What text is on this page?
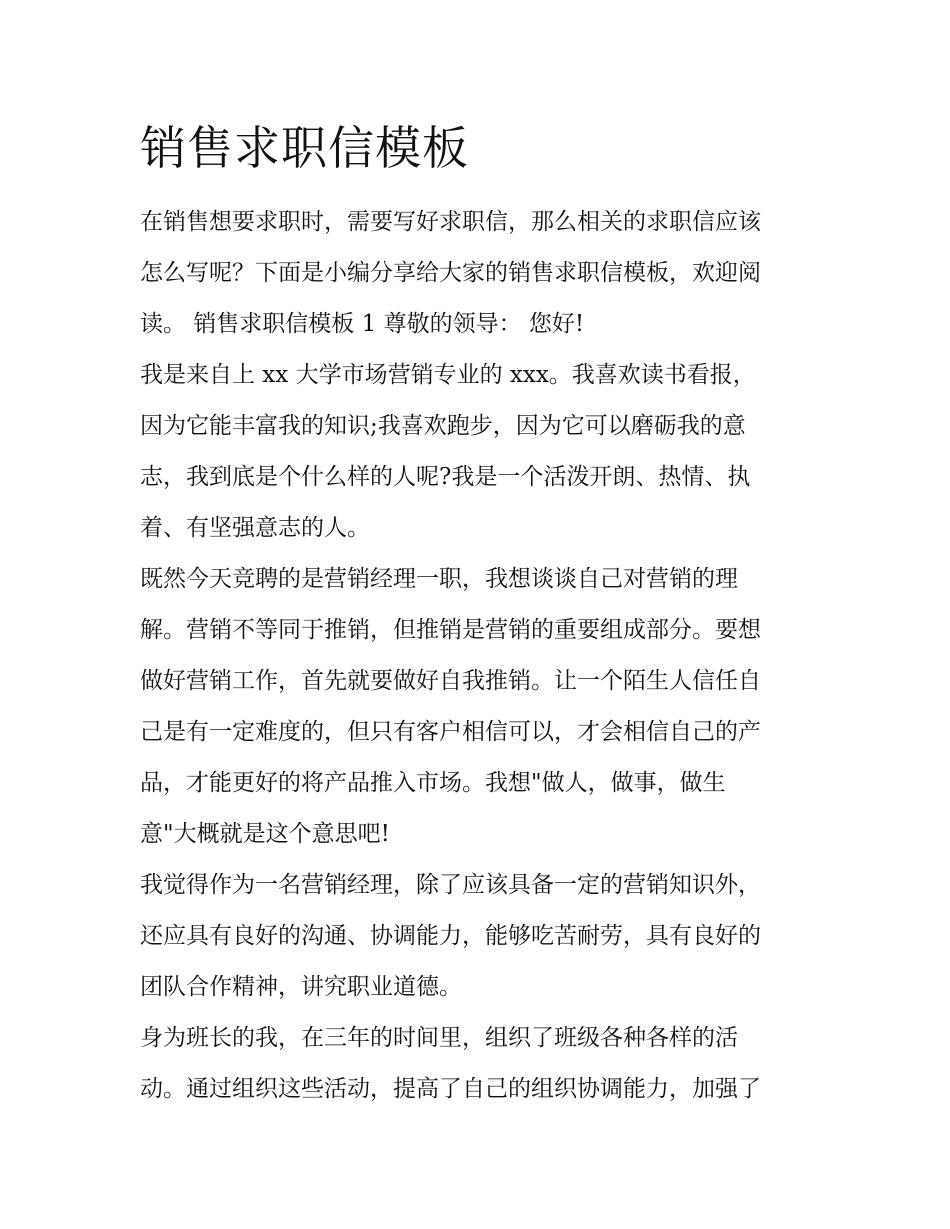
销售求职信模板
在销售想要求职时，需要写好求职信，那么相关的求职信应该
怎么写呢？下面是小编分享给大家的销售求职信模板，欢迎阅
读。 销售求职信模板 1 尊敬的领导： 您好!
我是来自上 xx 大学市场营销专业的 xxx。我喜欢读书看报，
因为它能丰富我的知识;我喜欢跑步，因为它可以磨砺我的意
志，我到底是个什么样的人呢?我是一个活泼开朗、热情、执
着、有坚强意志的人。
既然今天竞聘的是营销经理一职，我想谈谈自己对营销的理
解。营销不等同于推销，但推销是营销的重要组成部分。要想
做好营销工作，首先就要做好自我推销。让一个陌生人信任自
己是有一定难度的，但只有客户相信可以，才会相信自己的产
品，才能更好的将产品推入市场。我想"做人，做事，做生
意"大概就是这个意思吧!
我觉得作为一名营销经理，除了应该具备一定的营销知识外，
还应具有良好的沟通、协调能力，能够吃苦耐劳，具有良好的
团队合作精神，讲究职业道德。
身为班长的我，在三年的时间里，组织了班级各种各样的活
动。通过组织这些活动，提高了自己的组织协调能力，加强了
